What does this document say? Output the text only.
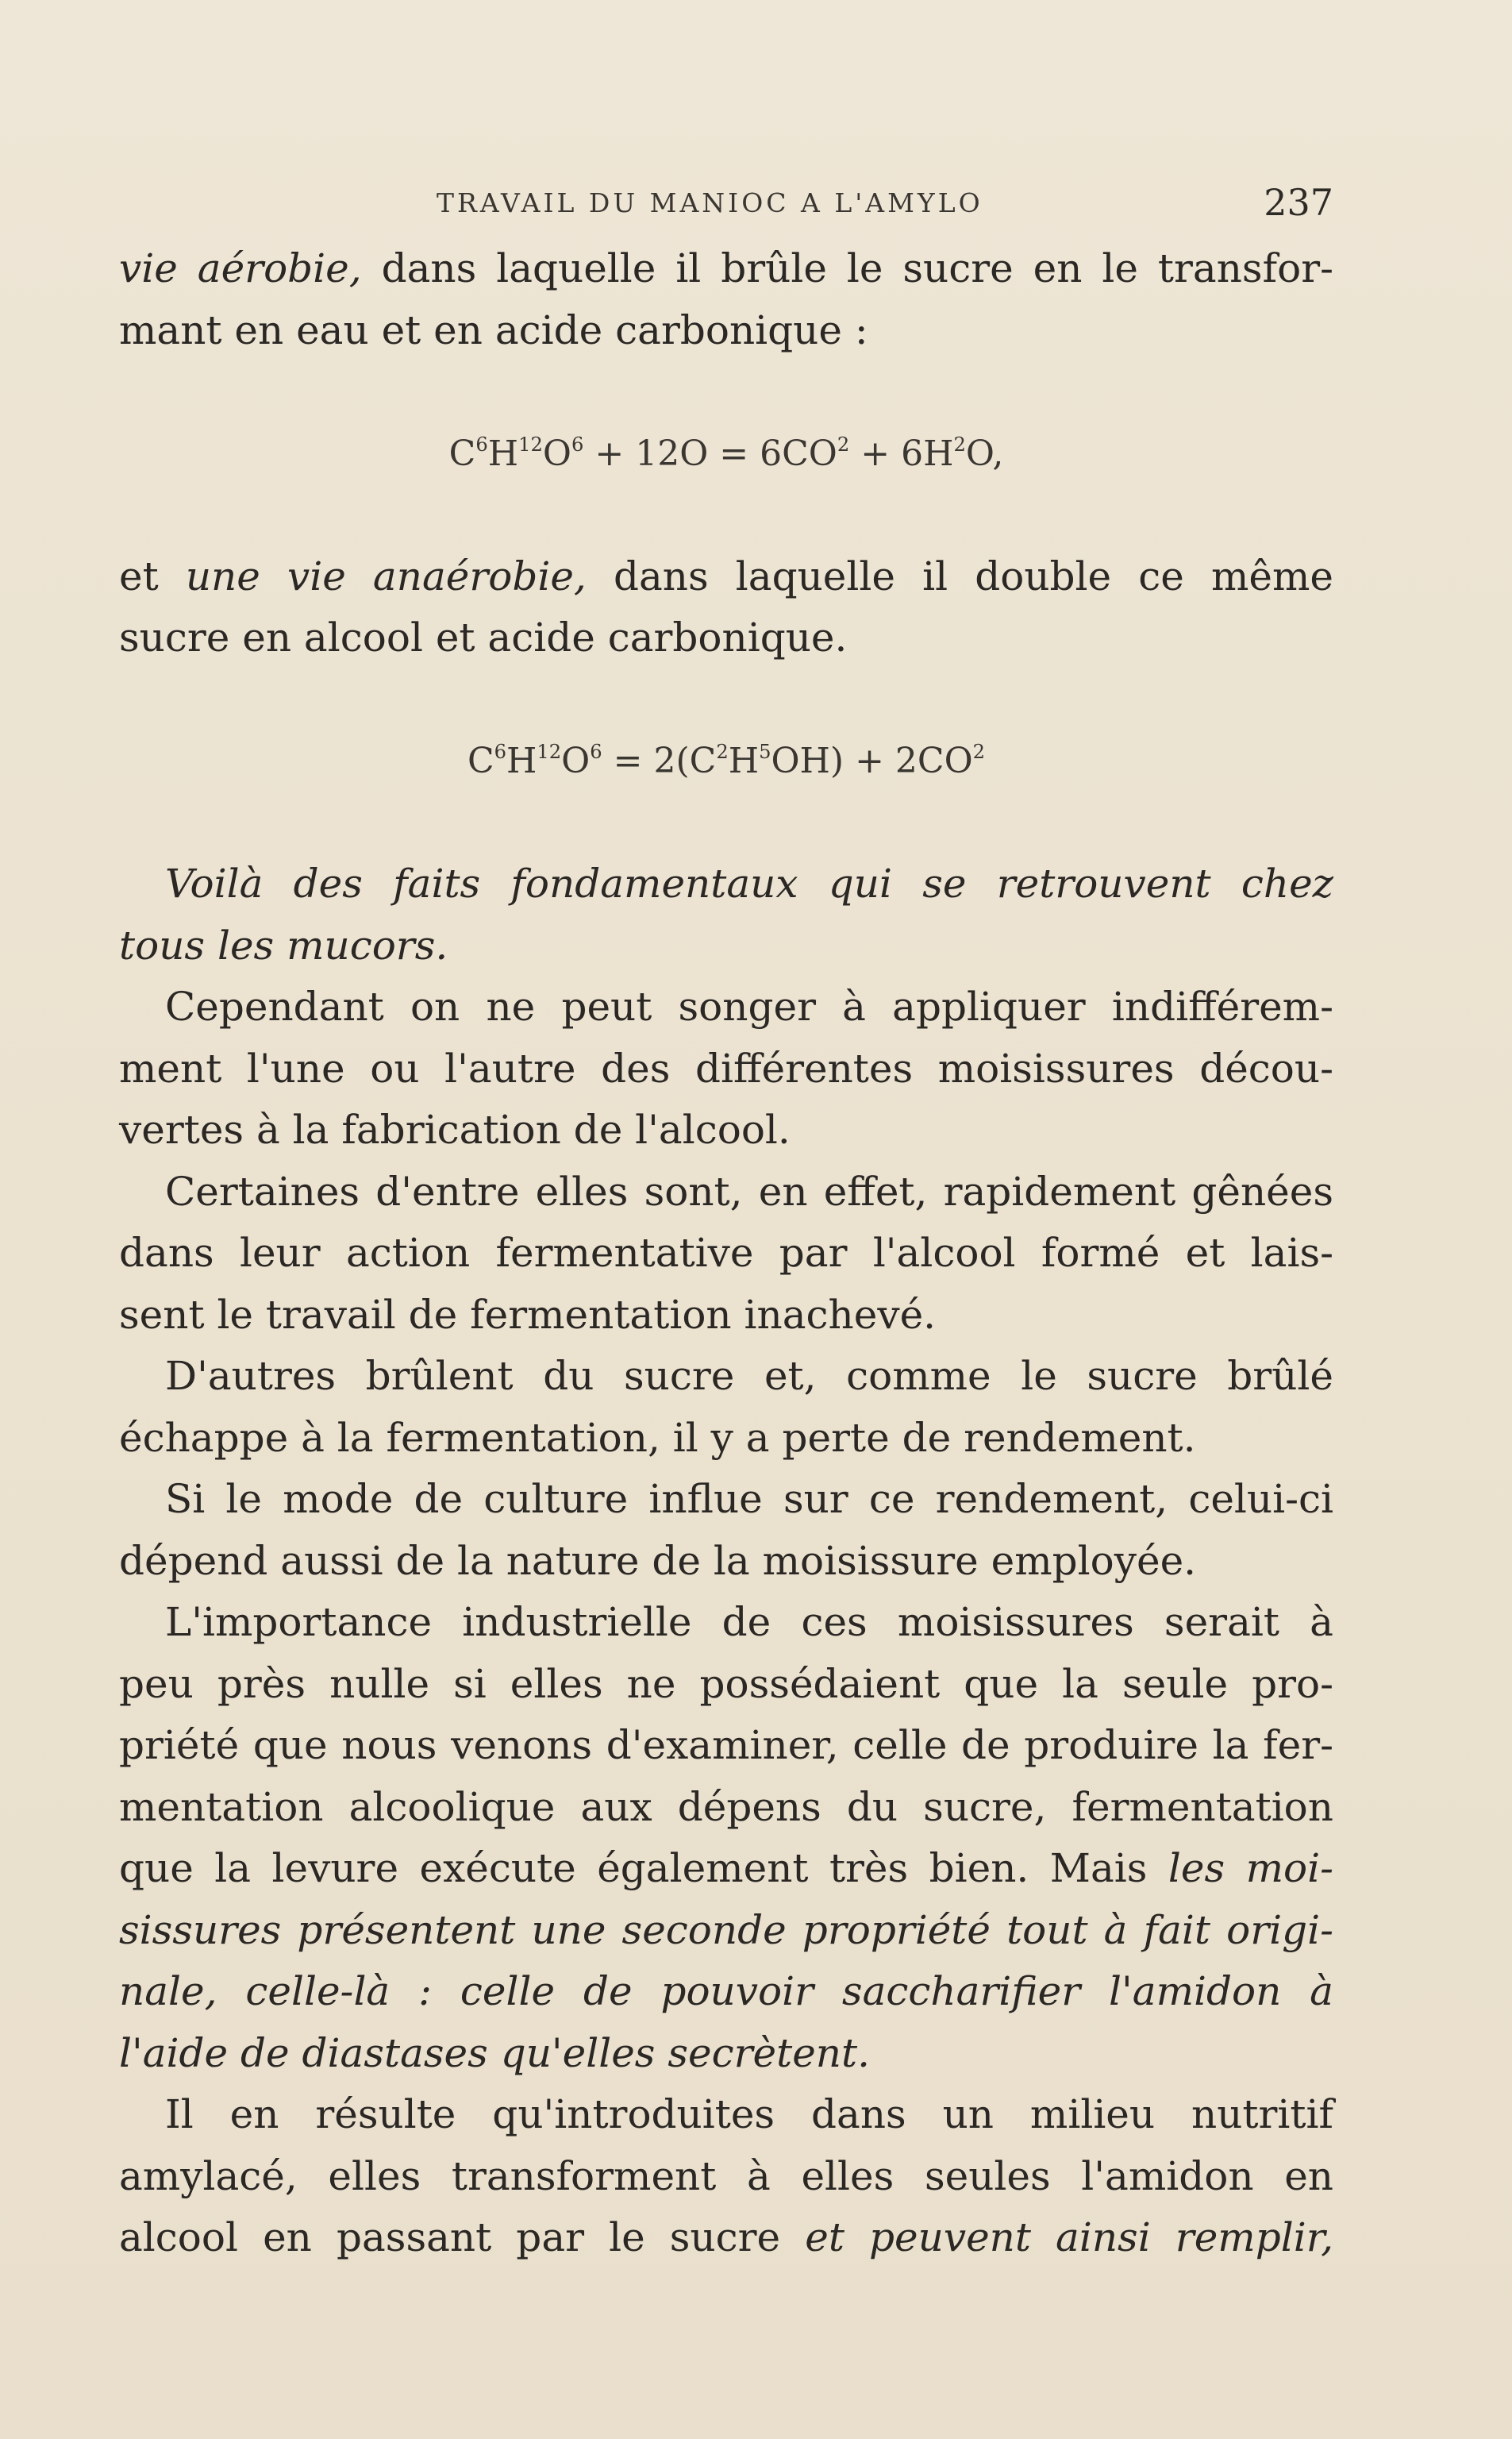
TRAVAIL DU MANIOC A L'AMYLO	237
vie aérobie, dans laquelle il brûle le sucre en le transfor-
mant en eau et en acide carbonique :
$C^6H^{12}O^6 + 12O = 6CO^2 + 6H^2O$,
et une vie anaérobie, dans laquelle il double ce même
sucre en alcool et acide carbonique.
$C^6H^{12}O^6 = 2(C^2H^5OH) + 2CO^2$
Voilà des faits fondamentaux qui se retrouvent chez
tous les mucors.
Cependant on ne peut songer à appliquer indifférem-
ment l'une ou l'autre des différentes moisissures décou-
vertes à la fabrication de l'alcool.
Certaines d'entre elles sont, en effet, rapidement gênées
dans leur action fermentative par l'alcool formé et lais-
sent le travail de fermentation inachevé.
D'autres brûlent du sucre et, comme le sucre brûlé
échappe à la fermentation, il y a perte de rendement.
Si le mode de culture influe sur ce rendement, celui-ci
dépend aussi de la nature de la moisissure employée.
L'importance industrielle de ces moisissures serait à
peu près nulle si elles ne possédaient que la seule pro-
priété que nous venons d'examiner, celle de produire la fer-
mentation alcoolique aux dépens du sucre, fermentation
que la levure exécute également très bien. Mais les moi-
sissures présentent une seconde propriété tout à fait origi-
nale, celle-là : celle de pouvoir saccharifier l'amidon à
l'aide de diastases qu'elles secrètent.
Il en résulte qu'introduites dans un milieu nutritif
amylacé, elles transforment à elles seules l'amidon en
alcool en passant par le sucre et peuvent ainsi remplir,
